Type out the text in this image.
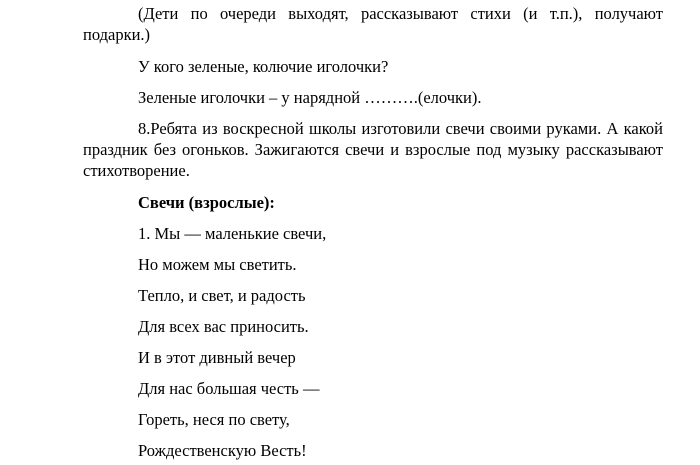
(Дети по очереди выходят, рассказывают стихи (и т.п.), получают подарки.)

У кого зеленые, колючие иголочки?

Зеленые иголочки – у нарядной ……….(елочки).

8.Ребята из воскресной школы изготовили свечи своими руками. А какой праздник без огоньков. Зажигаются свечи и взрослые под музыку рассказывают стихотворение.

Свечи (взрослые):

1. Мы — маленькие свечи,

Но можем мы светить.

Тепло, и свет, и радость

Для всех вас приносить.

И в этот дивный вечер

Для нас большая честь —

Гореть, неся по свету,

Рождественскую Весть!
